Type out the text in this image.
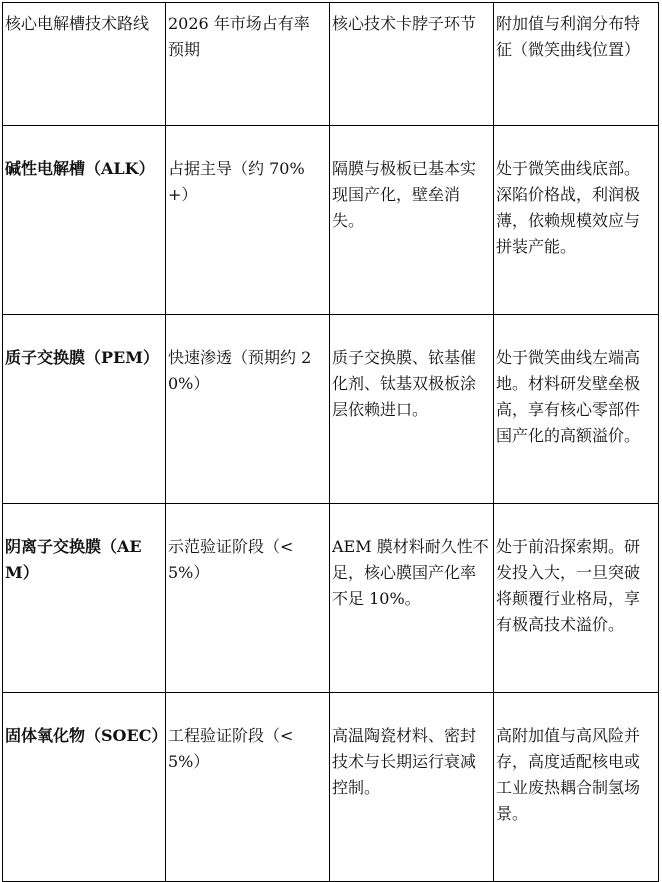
核心电解槽技术路线	2026 年市场占有率预期	核心技术卡脖子环节	附加值与利润分布特征（微笑曲线位置）
碱性电解槽（ALK）	占据主导（约 70%+）	隔膜与极板已基本实现国产化，壁垒消失。	处于微笑曲线底部。深陷价格战，利润极薄，依赖规模效应与拼装产能。
质子交换膜（PEM）	快速渗透（预期约 20%）	质子交换膜、铱基催化剂、钛基双极板涂层依赖进口。	处于微笑曲线左端高地。材料研发壁垒极高，享有核心零部件国产化的高额溢价。
阴离子交换膜（AEM）	示范验证阶段（<5%）	AEM 膜材料耐久性不足，核心膜国产化率不足 10%。	处于前沿探索期。研发投入大，一旦突破将颠覆行业格局，享有极高技术溢价。
固体氧化物（SOEC）	工程验证阶段（<5%）	高温陶瓷材料、密封技术与长期运行衰减控制。	高附加值与高风险并存，高度适配核电或工业废热耦合制氢场景。
